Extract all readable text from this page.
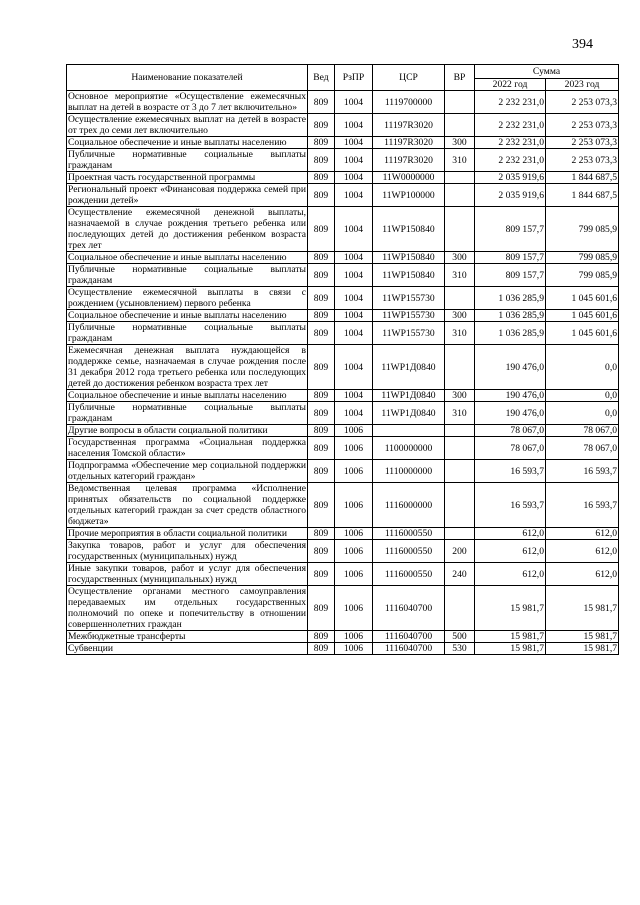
394
Наименование показателей	Вед	РзПР	ЦСР	ВР	Сумма	
					2022 год	2023 год
Основное мероприятие «Осуществление ежемесячных выплат на детей в возрасте от 3 до 7 лет включительно»	809	1004	1119700000		2 232 231,0	2 253 073,3
Осуществление ежемесячных выплат на детей в возрасте от трех до семи лет включительно	809	1004	11197R3020		2 232 231,0	2 253 073,3
Социальное обеспечение и иные выплаты населению	809	1004	11197R3020	300	2 232 231,0	2 253 073,3
Публичные нормативные социальные выплаты гражданам	809	1004	11197R3020	310	2 232 231,0	2 253 073,3
Проектная часть государственной программы	809	1004	11W0000000		2 035 919,6	1 844 687,5
Региональный проект «Финансовая поддержка семей при рождении детей»	809	1004	11WP100000		2 035 919,6	1 844 687,5
Осуществление ежемесячной денежной выплаты, назначаемой в случае рождения третьего ребенка или последующих детей до достижения ребенком возраста трех лет	809	1004	11WP150840		809 157,7	799 085,9
Социальное обеспечение и иные выплаты населению	809	1004	11WP150840	300	809 157,7	799 085,9
Публичные нормативные социальные выплаты гражданам	809	1004	11WP150840	310	809 157,7	799 085,9
Осуществление ежемесячной выплаты в связи с рождением (усыновлением) первого ребенка	809	1004	11WP155730		1 036 285,9	1 045 601,6
Социальное обеспечение и иные выплаты населению	809	1004	11WP155730	300	1 036 285,9	1 045 601,6
Публичные нормативные социальные выплаты гражданам	809	1004	11WP155730	310	1 036 285,9	1 045 601,6
Ежемесячная денежная выплата нуждающейся в поддержке семье, назначаемая в случае рождения после 31 декабря 2012 года третьего ребенка или последующих детей до достижения ребенком возраста трех лет	809	1004	11WP1Д0840		190 476,0	0,0
Социальное обеспечение и иные выплаты населению	809	1004	11WP1Д0840	300	190 476,0	0,0
Публичные нормативные социальные выплаты гражданам	809	1004	11WP1Д0840	310	190 476,0	0,0
Другие вопросы в области социальной политики	809	1006			78 067,0	78 067,0
Государственная программа «Социальная поддержка населения Томской области»	809	1006	1100000000		78 067,0	78 067,0
Подпрограмма «Обеспечение мер социальной поддержки отдельных категорий граждан»	809	1006	1110000000		16 593,7	16 593,7
Ведомственная целевая программа «Исполнение принятых обязательств по социальной поддержке отдельных категорий граждан за счет средств областного бюджета»	809	1006	1116000000		16 593,7	16 593,7
Прочие мероприятия в области социальной политики	809	1006	1116000550		612,0	612,0
Закупка товаров, работ и услуг для обеспечения государственных (муниципальных) нужд	809	1006	1116000550	200	612,0	612,0
Иные закупки товаров, работ и услуг для обеспечения государственных (муниципальных) нужд	809	1006	1116000550	240	612,0	612,0
Осуществление органами местного самоуправления передаваемых им отдельных государственных полномочий по опеке и попечительству в отношении совершеннолетних граждан	809	1006	1116040700		15 981,7	15 981,7
Межбюджетные трансферты	809	1006	1116040700	500	15 981,7	15 981,7
Субвенции	809	1006	1116040700	530	15 981,7	15 981,7
